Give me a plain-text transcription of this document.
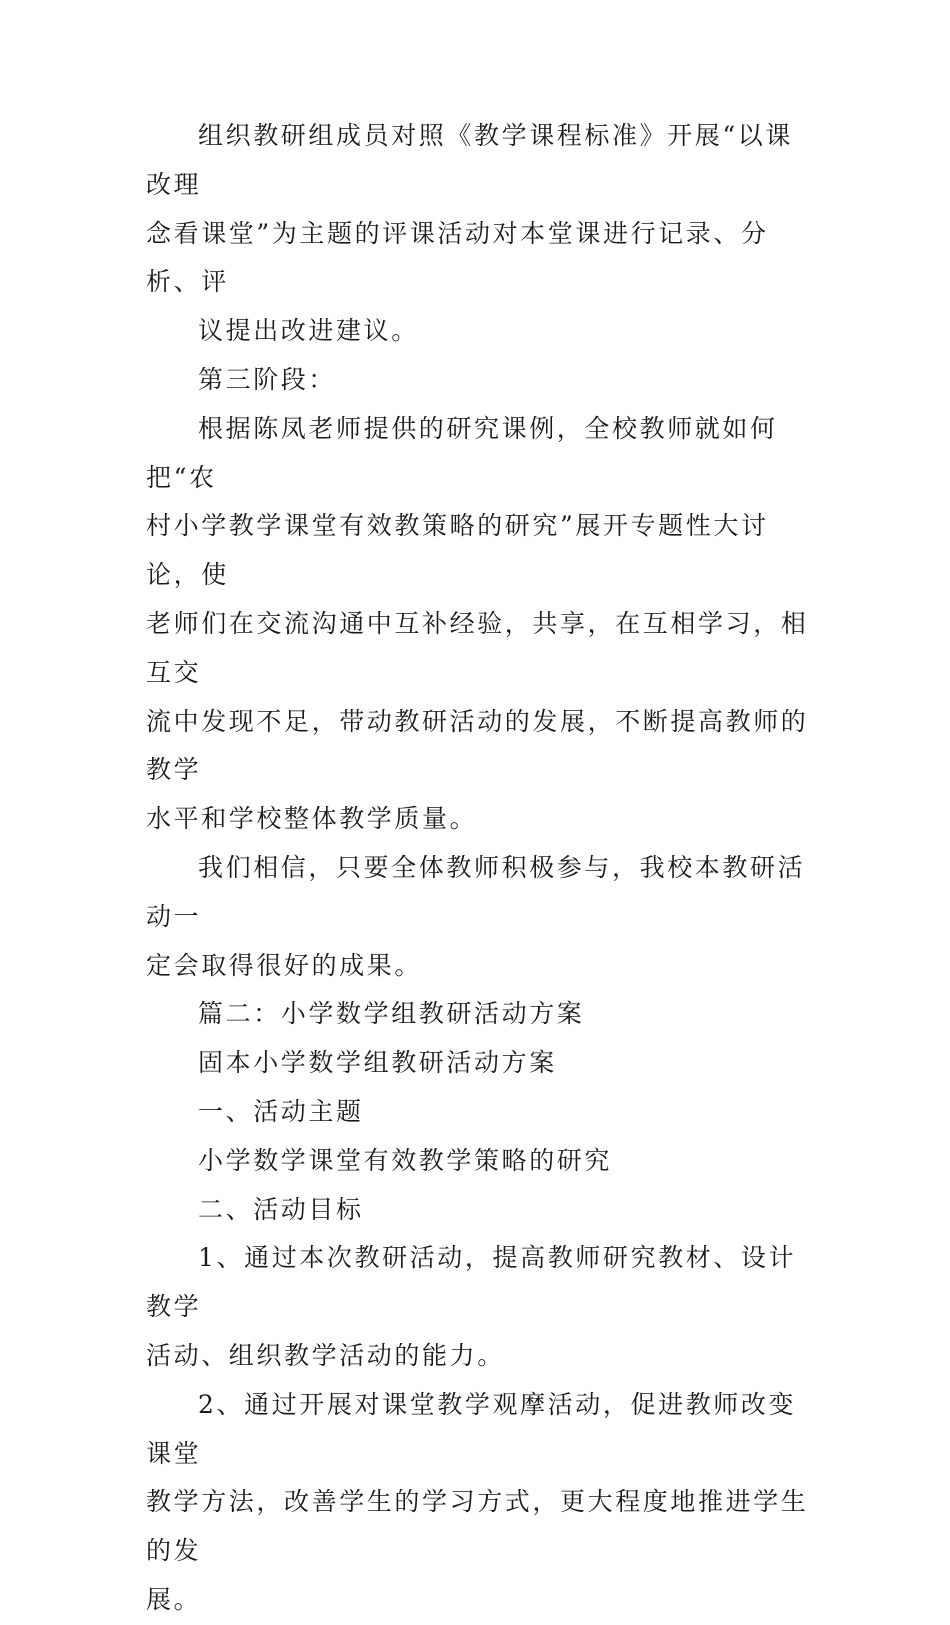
组织教研组成员对照《教学课程标准》开展“以课改理
念看课堂”为主题的评课活动对本堂课进行记录、分析、评
议提出改进建议。
第三阶段：
根据陈凤老师提供的研究课例，全校教师就如何把“农
村小学教学课堂有效教策略的研究”展开专题性大讨论，使
老师们在交流沟通中互补经验，共享，在互相学习，相互交
流中发现不足，带动教研活动的发展，不断提高教师的教学
水平和学校整体教学质量。
我们相信，只要全体教师积极参与，我校本教研活动一
定会取得很好的成果。
篇二：小学数学组教研活动方案
固本小学数学组教研活动方案
一、活动主题
小学数学课堂有效教学策略的研究
二、活动目标
1、通过本次教研活动，提高教师研究教材、设计教学
活动、组织教学活动的能力。
2、通过开展对课堂教学观摩活动，促进教师改变课堂
教学方法，改善学生的学习方式，更大程度地推进学生的发
展。
